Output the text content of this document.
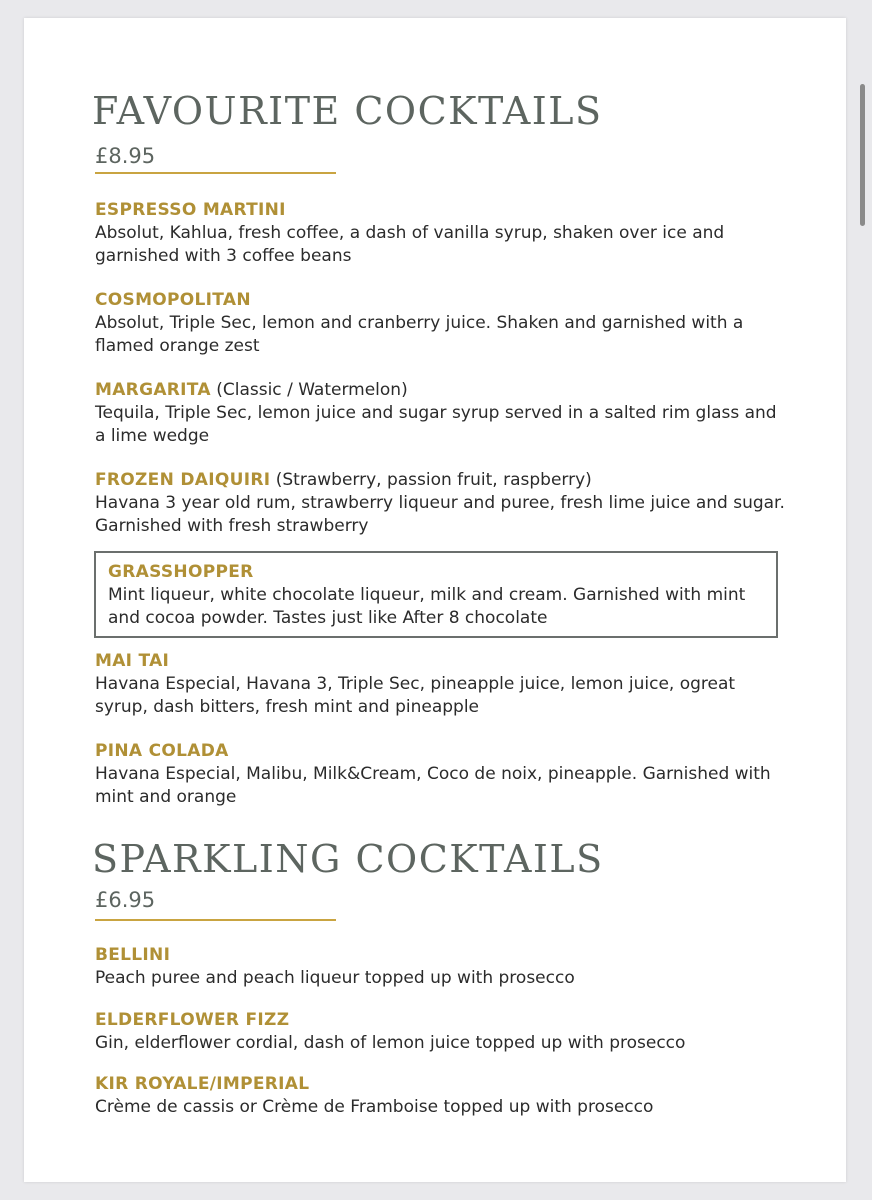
FAVOURITE COCKTAILS
£8.95
ESPRESSO MARTINI
Absolut, Kahlua, fresh coffee, a dash of vanilla syrup, shaken over ice and garnished with 3 coffee beans
COSMOPOLITAN
Absolut, Triple Sec, lemon and cranberry juice. Shaken and garnished with a flamed orange zest
MARGARITA (Classic / Watermelon)
Tequila, Triple Sec, lemon juice and sugar syrup served in a salted rim glass and a lime wedge
FROZEN DAIQUIRI (Strawberry, passion fruit, raspberry)
Havana 3 year old rum, strawberry liqueur and puree, fresh lime juice and sugar. Garnished with fresh strawberry
GRASSHOPPER
Mint liqueur, white chocolate liqueur, milk and cream. Garnished with mint and cocoa powder. Tastes just like After 8 chocolate
MAI TAI
Havana Especial, Havana 3, Triple Sec, pineapple juice, lemon juice, ogreat syrup, dash bitters, fresh mint and pineapple
PINA COLADA
Havana Especial, Malibu, Milk&Cream, Coco de noix, pineapple. Garnished with mint and orange
SPARKLING COCKTAILS
£6.95
BELLINI
Peach puree and peach liqueur topped up with prosecco
ELDERFLOWER FIZZ
Gin, elderflower cordial, dash of lemon juice topped up with prosecco
KIR ROYALE/IMPERIAL
Crème de cassis or Crème de Framboise topped up with prosecco
